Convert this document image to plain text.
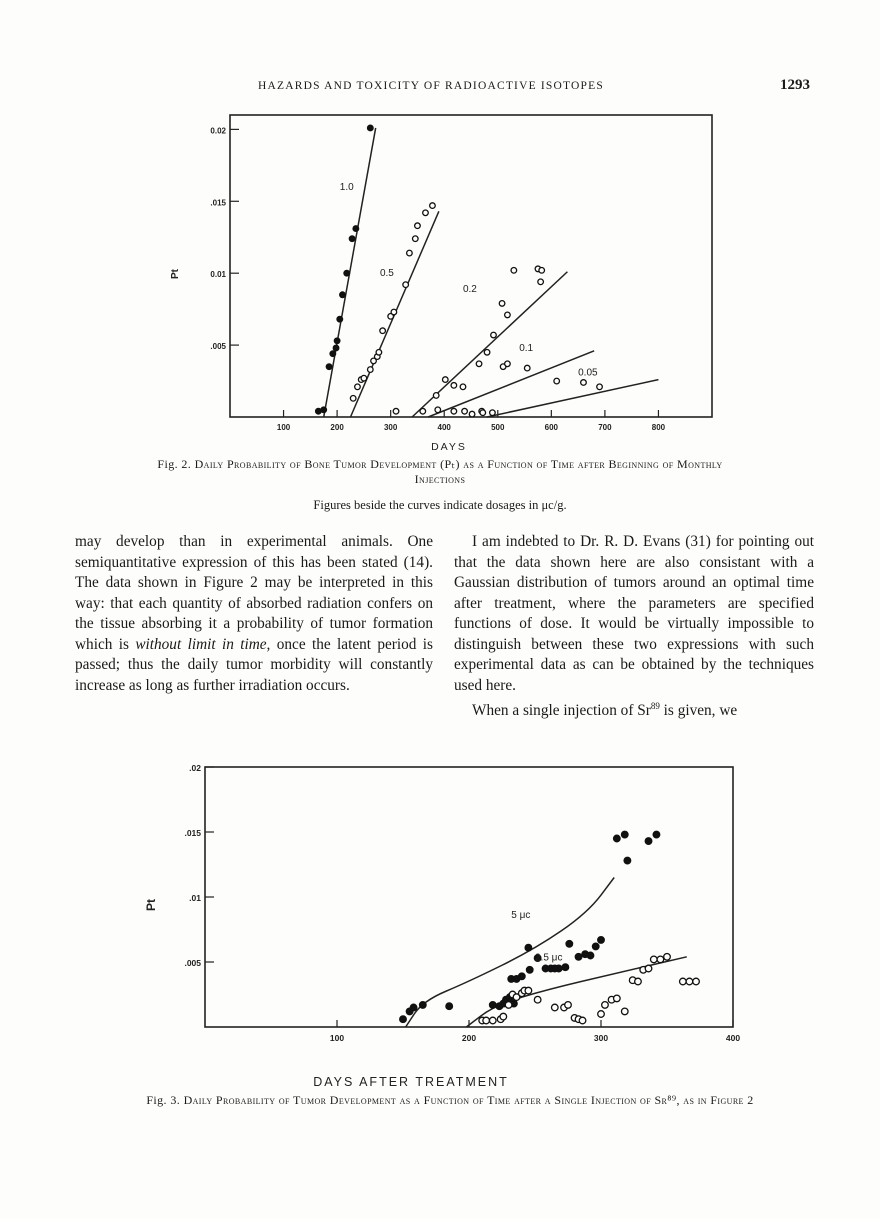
HAZARDS AND TOXICITY OF RADIOACTIVE ISOTOPES	1293
100	200	300	400	500	600	700	800
.005
0.01
.015
0.02
DAYS
Pt
1.0
0.5
0.2
0.1
0.05
Fig. 2. Daily Probability of Bone Tumor Development (Pₜ) as a Function of Time after Beginning of Monthly Injections
Figures beside the curves indicate dosages in μc/g.

may develop than in experimental animals. One semiquantitative expression of this has been stated (14). The data shown in Figure 2 may be interpreted in this way: that each quantity of absorbed radiation confers on the tissue absorbing it a probability of tumor formation which is without limit in time, once the latent period is passed; thus the daily tumor morbidity will constantly increase as long as further irradiation occurs.

I am indebted to Dr. R. D. Evans (31) for pointing out that the data shown here are also consistant with a Gaussian distribution of tumors around an optimal time after treatment, where the parameters are specified functions of dose. It would be virtually impossible to distinguish between these two expressions with such experimental data as can be obtained by the techniques used here.

When a single injection of Sr$^{89}$ is given, we

100	200	300	400
.005
.01
.015
.02
DAYS AFTER TREATMENT
Pt
5 μc
2.5 μc
Fig. 3. Daily Probability of Tumor Development as a Function of Time after a Single Injection of Sr⁸⁹, as in Figure 2
